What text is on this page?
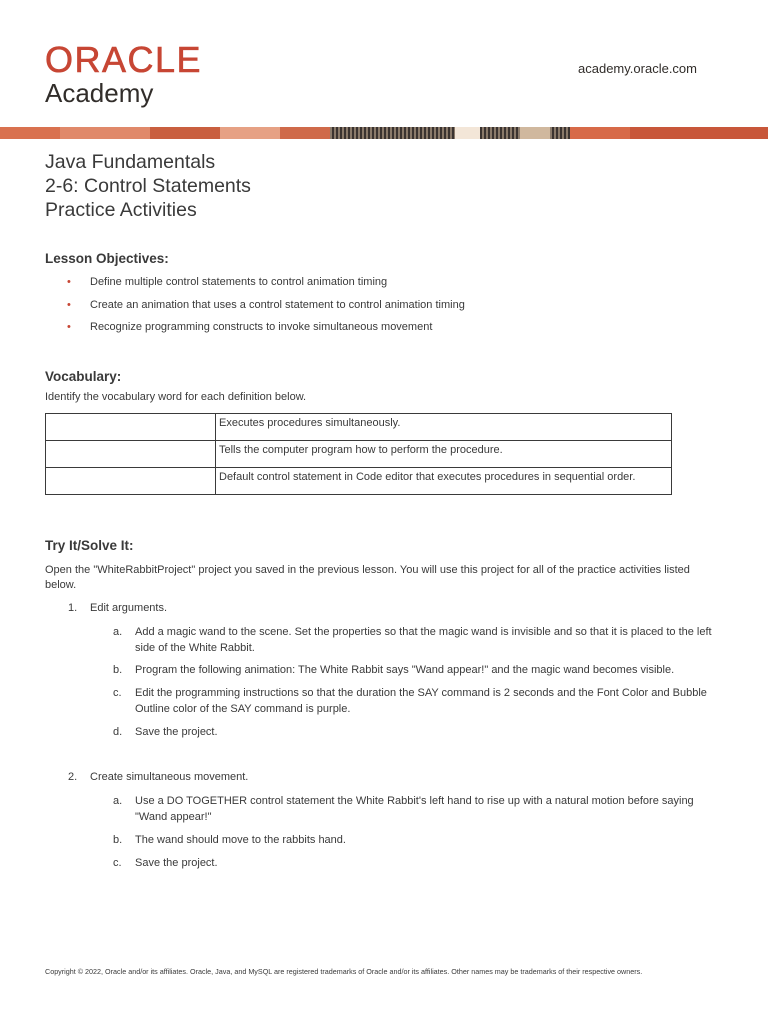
ORACLE
Academy
academy.oracle.com
Java Fundamentals
2-6: Control Statements
Practice Activities
Lesson Objectives:
• Define multiple control statements to control animation timing
• Create an animation that uses a control statement to control animation timing
• Recognize programming constructs to invoke simultaneous movement
Vocabulary:

Identify the vocabulary word for each definition below.

	Executes procedures simultaneously.
	Tells the computer program how to perform the procedure.
	Default control statement in Code editor that executes procedures in sequential order.
Try It/Solve It:

Open the "WhiteRabbitProject" project you saved in the previous lesson. You will use this project for all of the practice activities listed below.

1. Edit arguments.
a. Add a magic wand to the scene. Set the properties so that the magic wand is invisible and so that it is placed to the left side of the White Rabbit.
b. Program the following animation: The White Rabbit says "Wand appear!" and the magic wand becomes visible.
c. Edit the programming instructions so that the duration the SAY command is 2 seconds and the Font Color and Bubble Outline color of the SAY command is purple.
d. Save the project.
2. Create simultaneous movement.
a. Use a DO TOGETHER control statement the White Rabbit's left hand to rise up with a natural motion before saying "Wand appear!"
b. The wand should move to the rabbits hand.
c. Save the project.
Copyright © 2022, Oracle and/or its affiliates. Oracle, Java, and MySQL are registered trademarks of Oracle and/or its affiliates. Other names may be trademarks of their respective owners.
